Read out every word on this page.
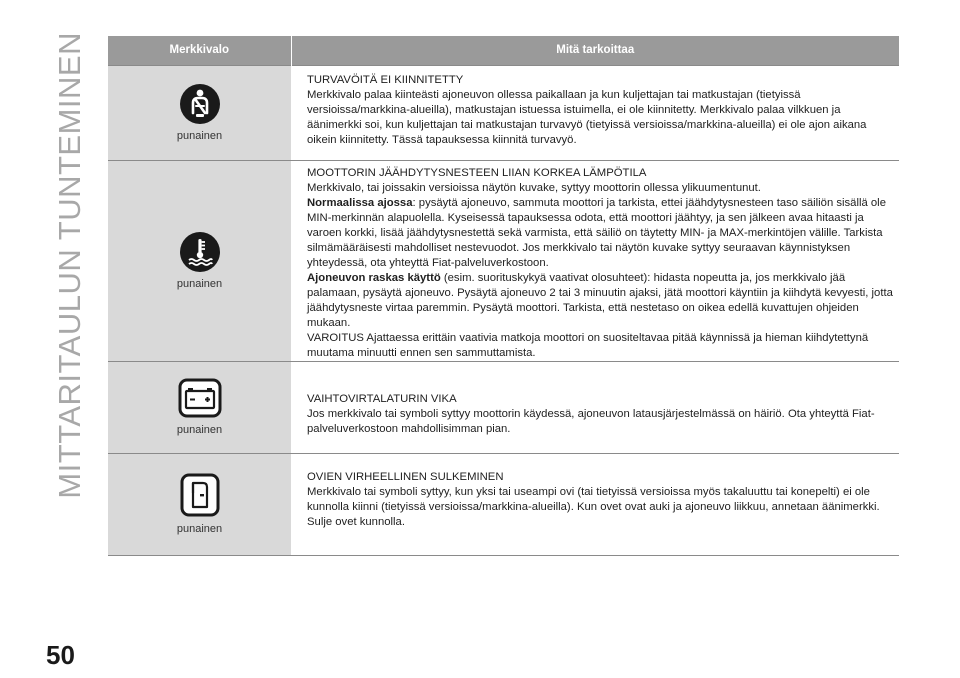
MITTARITAULUN TUNTEMINEN	Merkkivalo	Mitä tarkoittaa

punainen	TURVAVÖITÄ EI KIINNITETTY

Merkkivalo palaa kiinteästi ajoneuvon ollessa paikallaan ja kun kuljettajan tai matkustajan (tietyissä versioissa/markkina-alueilla), matkustajan istuessa istuimella, ei ole kiinnitetty. Merkkivalo palaa vilkkuen ja äänimerkki soi, kun kuljettajan tai matkustajan turvavyö (tietyissä versioissa/markkina-alueilla) ei ole ajon aikana oikein kiinnitetty. Tässä tapauksessa kiinnitä turvavyö.

punainen	MOOTTORIN JÄÄHDYTYSNESTEEN LIIAN KORKEA LÄMPÖTILA

Merkkivalo, tai joissakin versioissa näytön kuvake, syttyy moottorin ollessa ylikuumentunut.

Normaalissa ajossa: pysäytä ajoneuvo, sammuta moottori ja tarkista, ettei jäähdytysnesteen taso säiliön sisällä ole MIN-merkinnän alapuolella. Kyseisessä tapauksessa odota, että moottori jäähtyy, ja sen jälkeen avaa hitaasti ja varoen korkki, lisää jäähdytysnestettä sekä varmista, että säiliö on täytetty MIN- ja MAX-merkintöjen välille. Tarkista silmämääräisesti mahdolliset nestevuodot. Jos merkkivalo tai näytön kuvake syttyy seuraavan käynnistyksen yhteydessä, ota yhteyttä Fiat-palveluverkostoon.

Ajoneuvon raskas käyttö (esim. suorituskykyä vaativat olosuhteet): hidasta nopeutta ja, jos merkkivalo jää palamaan, pysäytä ajoneuvo. Pysäytä ajoneuvo 2 tai 3 minuutin ajaksi, jätä moottori käyntiin ja kiihdytä kevyesti, jotta jäähdytysneste virtaa paremmin. Pysäytä moottori. Tarkista, että nestetaso on oikea edellä kuvattujen ohjeiden mukaan.

VAROITUS Ajattaessa erittäin vaativia matkoja moottori on suositeltavaa pitää käynnissä ja hieman kiihdytettynä muutama minuutti ennen sen sammuttamista.

punainen	VAIHTOVIRTALATURIN VIKA

Jos merkkivalo tai symboli syttyy moottorin käydessä, ajoneuvon latausjärjestelmässä on häiriö. Ota yhteyttä Fiat-palveluverkostoon mahdollisimman pian.

punainen	OVIEN VIRHEELLINEN SULKEMINEN

Merkkivalo tai symboli syttyy, kun yksi tai useampi ovi (tai tietyissä versioissa myös takaluuttu tai konepelti) ei ole kunnolla kiinni (tietyissä versioissa/markkina-alueilla). Kun ovet ovat auki ja ajoneuvo liikkuu, annetaan äänimerkki. Sulje ovet kunnolla.

50
